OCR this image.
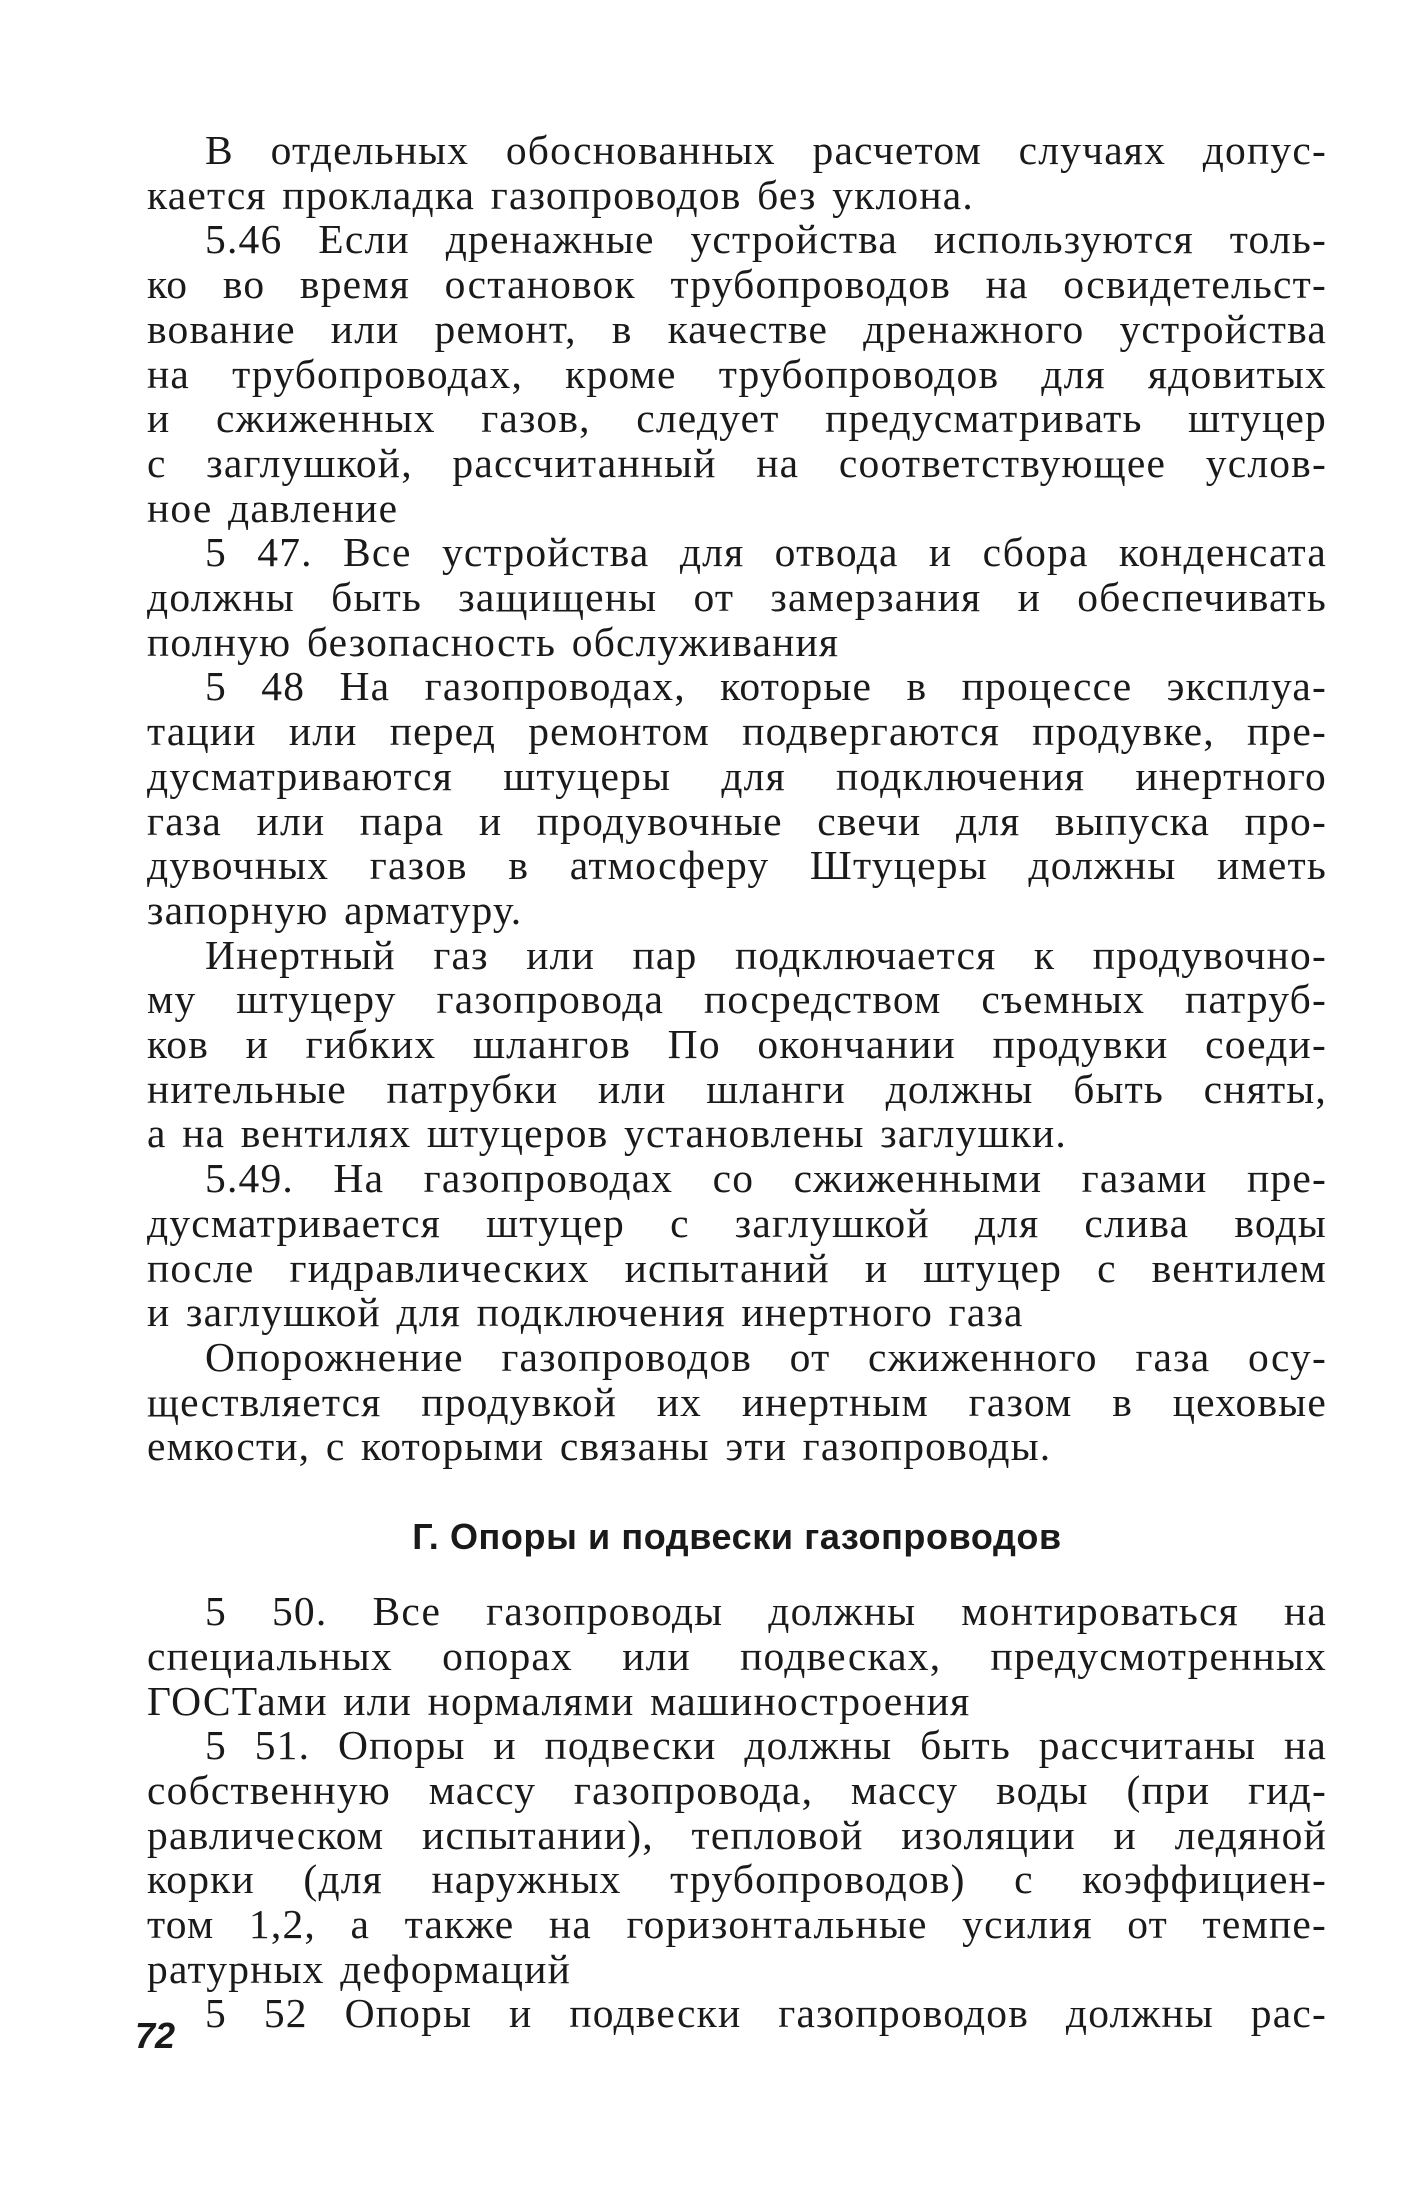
В отдельных обоснованных расчетом случаях допус-
кается прокладка газопроводов без уклона.

5.46 Если дренажные устройства используются толь-
ко во время остановок трубопроводов на освидетельст-
вование или ремонт, в качестве дренажного устройства
на трубопроводах, кроме трубопроводов для ядовитых
и сжиженных газов, следует предусматривать штуцер
с заглушкой, рассчитанный на соответствующее услов-
ное давление

5 47. Все устройства для отвода и сбора конденсата
должны быть защищены от замерзания и обеспечивать
полную безопасность обслуживания

5 48 На газопроводах, которые в процессе эксплуа-
тации или перед ремонтом подвергаются продувке, пре-
дусматриваются штуцеры для подключения инертного
газа или пара и продувочные свечи для выпуска про-
дувочных газов в атмосферу Штуцеры должны иметь
запорную арматуру.

Инертный газ или пар подключается к продувочно-
му штуцеру газопровода посредством съемных патруб-
ков и гибких шлангов По окончании продувки соеди-
нительные патрубки или шланги должны быть сняты,
а на вентилях штуцеров установлены заглушки.

5.49. На газопроводах со сжиженными газами пре-
дусматривается штуцер с заглушкой для слива воды
после гидравлических испытаний и штуцер с вентилем
и заглушкой для подключения инертного газа

Опорожнение газопроводов от сжиженного газа осу-
ществляется продувкой их инертным газом в цеховые
емкости, с которыми связаны эти газопроводы.

Г. Опоры и подвески газопроводов

5 50. Все газопроводы должны монтироваться на
специальных опорах или подвесках, предусмотренных
ГОСТами или нормалями машиностроения

5 51. Опоры и подвески должны быть рассчитаны на
собственную массу газопровода, массу воды (при гид-
равлическом испытании), тепловой изоляции и ледяной
корки (для наружных трубопроводов) с коэффициен-
том 1,2, а также на горизонтальные усилия от темпе-
ратурных деформаций

5 52 Опоры и подвески газопроводов должны рас-

72
